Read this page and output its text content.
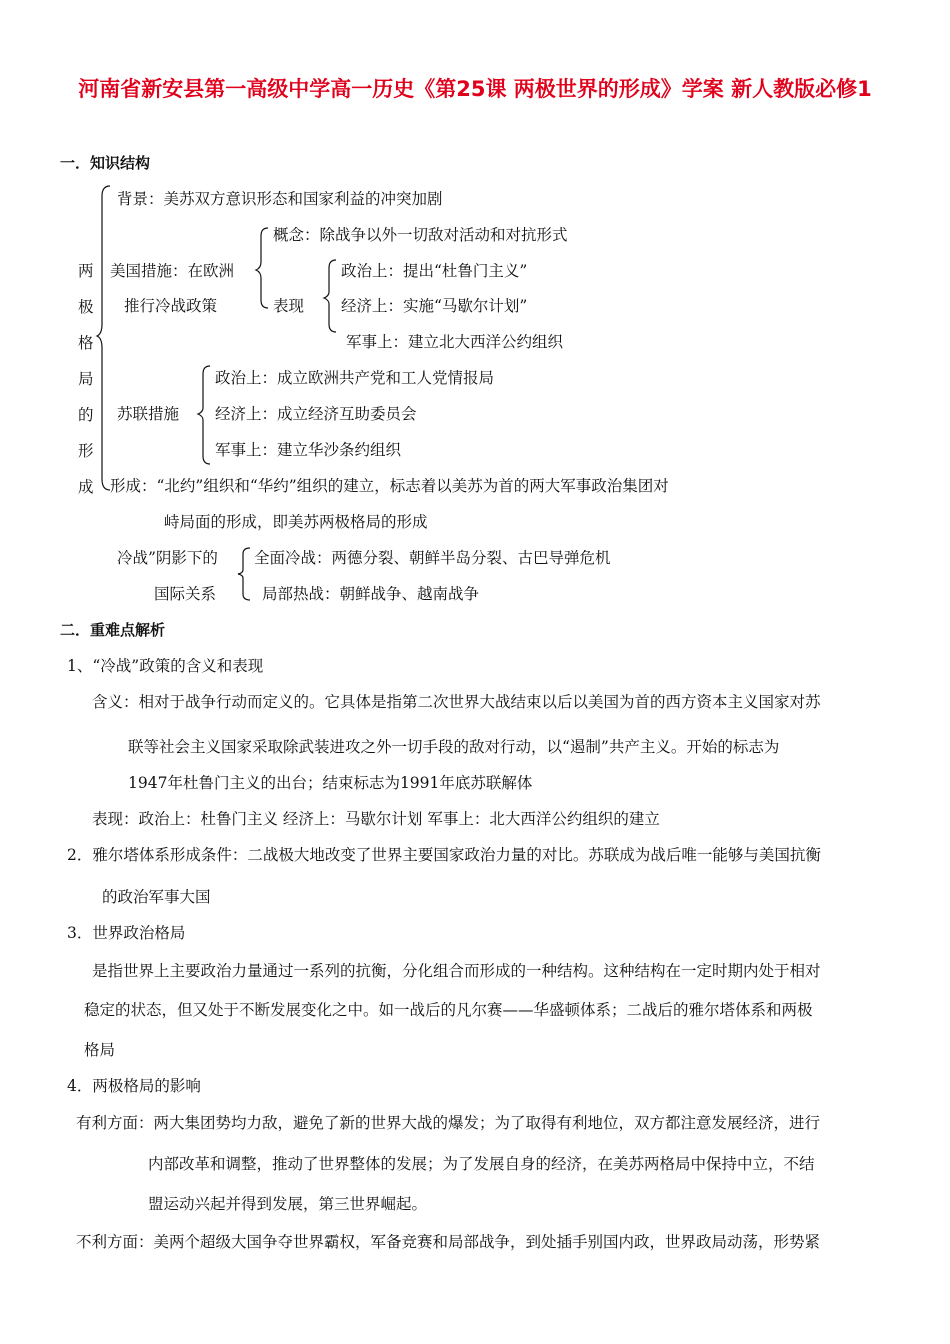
河南省新安县第一高级中学高一历史《第25课 两极世界的形成》学案 新人教版必修1
一．知识结构
两
极
格
局
的
形
成
背景：美苏双方意识形态和国家利益的冲突加剧
美国措施：在欧洲
推行冷战政策
概念：除战争以外一切敌对活动和对抗形式
表现
政治上：提出“杜鲁门主义”
经济上：实施“马歇尔计划”
军事上：建立北大西洋公约组织
苏联措施
政治上：成立欧洲共产党和工人党情报局
经济上：成立经济互助委员会
军事上：建立华沙条约组织
形成：“北约”组织和“华约”组织的建立，标志着以美苏为首的两大军事政治集团对
峙局面的形成，即美苏两极格局的形成
冷战”阴影下的
国际关系
全面冷战：两德分裂、朝鲜半岛分裂、古巴导弹危机
局部热战：朝鲜战争、越南战争
二．重难点解析
1、“冷战”政策的含义和表现
含义：相对于战争行动而定义的。它具体是指第二次世界大战结束以后以美国为首的西方资本主义国家对苏
联等社会主义国家采取除武装进攻之外一切手段的敌对行动，以“遏制”共产主义。开始的标志为
1947年杜鲁门主义的出台；结束标志为1991年底苏联解体
表现：政治上：杜鲁门主义 经济上：马歇尔计划 军事上：北大西洋公约组织的建立
2．雅尔塔体系形成条件：二战极大地改变了世界主要国家政治力量的对比。苏联成为战后唯一能够与美国抗衡
的政治军事大国
3．世界政治格局
是指世界上主要政治力量通过一系列的抗衡，分化组合而形成的一种结构。这种结构在一定时期内处于相对
稳定的状态，但又处于不断发展变化之中。如一战后的凡尔赛——华盛顿体系；二战后的雅尔塔体系和两极
格局
4．两极格局的影响
有利方面：两大集团势均力敌，避免了新的世界大战的爆发；为了取得有利地位，双方都注意发展经济，进行
内部改革和调整，推动了世界整体的发展；为了发展自身的经济，在美苏两格局中保持中立，不结
盟运动兴起并得到发展，第三世界崛起。
不利方面：美两个超级大国争夺世界霸权，军备竞赛和局部战争，到处插手别国内政，世界政局动荡，形势紧
